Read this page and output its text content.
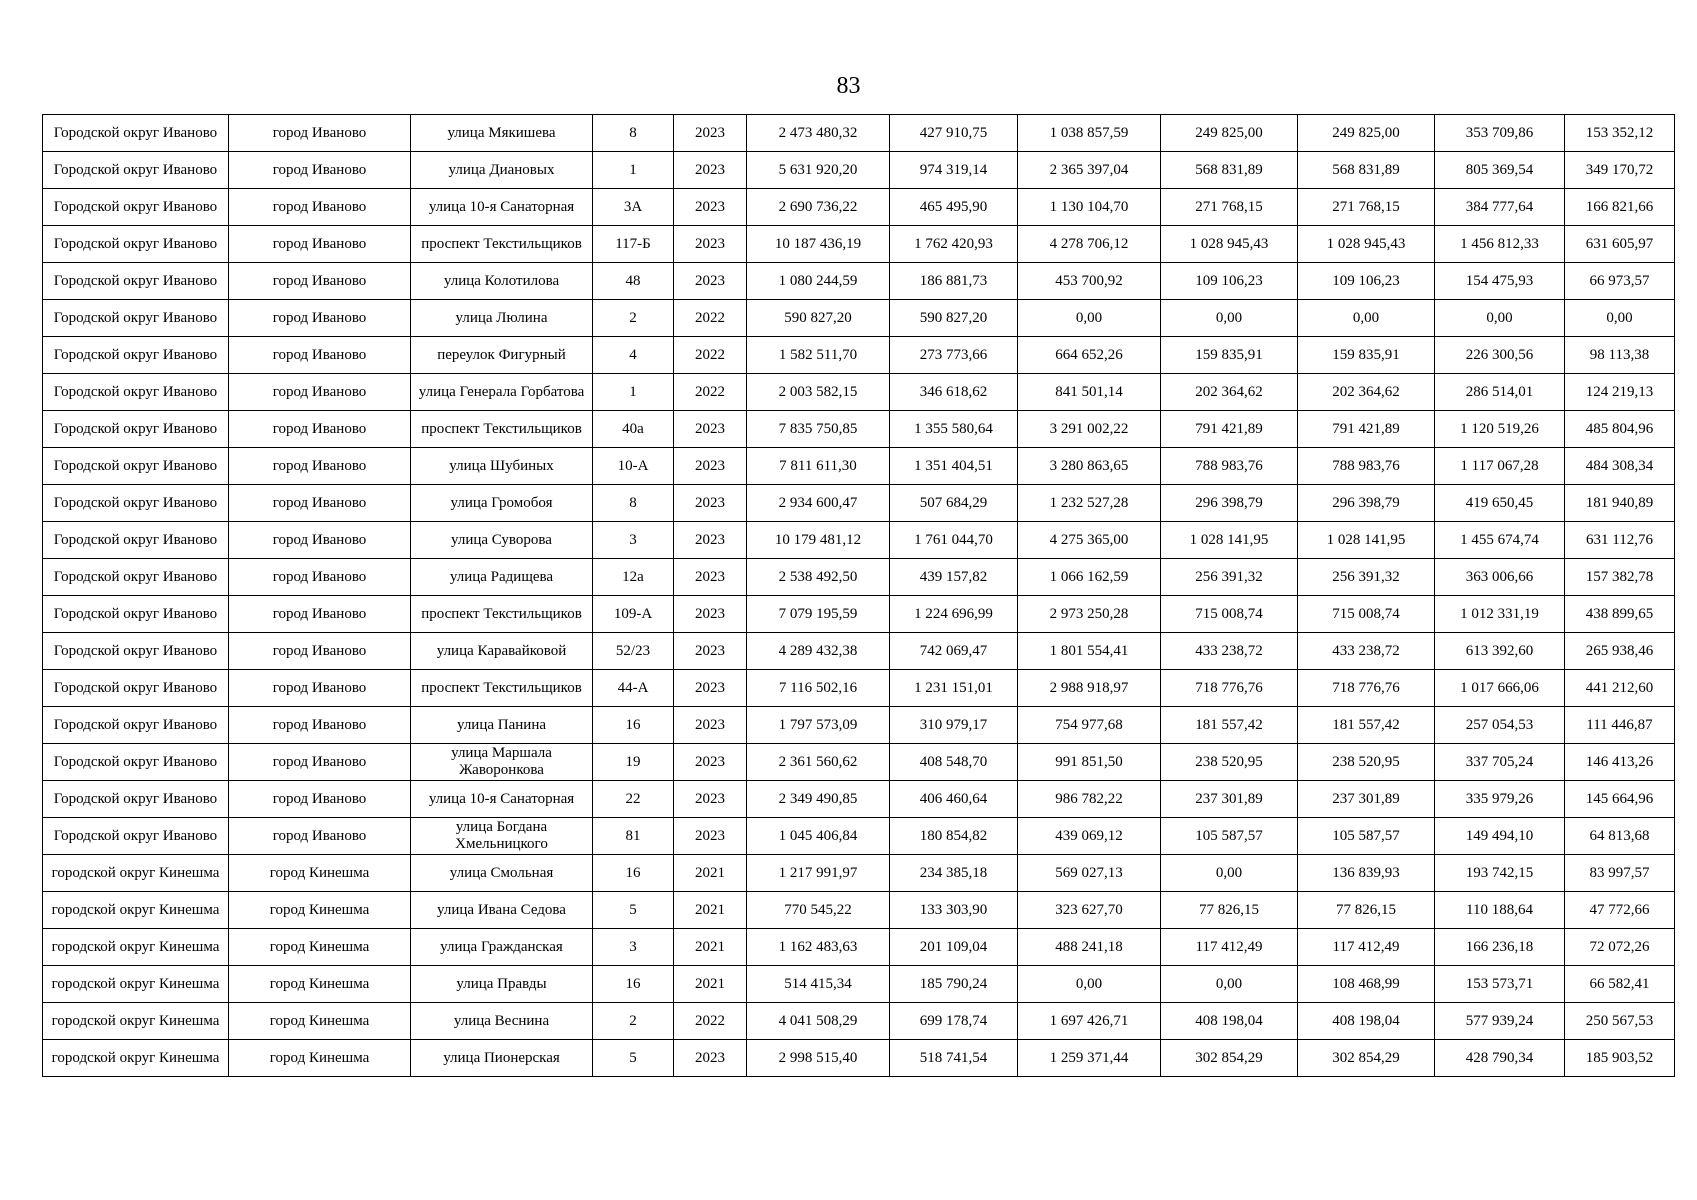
83
Городской округ Иваново	город Иваново	улица Мякишева	8	2023	2 473 480,32	427 910,75	1 038 857,59	249 825,00	249 825,00	353 709,86	153 352,12
Городской округ Иваново	город Иваново	улица Диановых	1	2023	5 631 920,20	974 319,14	2 365 397,04	568 831,89	568 831,89	805 369,54	349 170,72
Городской округ Иваново	город Иваново	улица 10-я Санаторная	3А	2023	2 690 736,22	465 495,90	1 130 104,70	271 768,15	271 768,15	384 777,64	166 821,66
Городской округ Иваново	город Иваново	проспект Текстильщиков	117-Б	2023	10 187 436,19	1 762 420,93	4 278 706,12	1 028 945,43	1 028 945,43	1 456 812,33	631 605,97
Городской округ Иваново	город Иваново	улица Колотилова	48	2023	1 080 244,59	186 881,73	453 700,92	109 106,23	109 106,23	154 475,93	66 973,57
Городской округ Иваново	город Иваново	улица Люлина	2	2022	590 827,20	590 827,20	0,00	0,00	0,00	0,00	0,00
Городской округ Иваново	город Иваново	переулок Фигурный	4	2022	1 582 511,70	273 773,66	664 652,26	159 835,91	159 835,91	226 300,56	98 113,38
Городской округ Иваново	город Иваново	улица Генерала Горбатова	1	2022	2 003 582,15	346 618,62	841 501,14	202 364,62	202 364,62	286 514,01	124 219,13
Городской округ Иваново	город Иваново	проспект Текстильщиков	40а	2023	7 835 750,85	1 355 580,64	3 291 002,22	791 421,89	791 421,89	1 120 519,26	485 804,96
Городской округ Иваново	город Иваново	улица Шубиных	10-А	2023	7 811 611,30	1 351 404,51	3 280 863,65	788 983,76	788 983,76	1 117 067,28	484 308,34
Городской округ Иваново	город Иваново	улица Громобоя	8	2023	2 934 600,47	507 684,29	1 232 527,28	296 398,79	296 398,79	419 650,45	181 940,89
Городской округ Иваново	город Иваново	улица Суворова	3	2023	10 179 481,12	1 761 044,70	4 275 365,00	1 028 141,95	1 028 141,95	1 455 674,74	631 112,76
Городской округ Иваново	город Иваново	улица Радищева	12а	2023	2 538 492,50	439 157,82	1 066 162,59	256 391,32	256 391,32	363 006,66	157 382,78
Городской округ Иваново	город Иваново	проспект Текстильщиков	109-А	2023	7 079 195,59	1 224 696,99	2 973 250,28	715 008,74	715 008,74	1 012 331,19	438 899,65
Городской округ Иваново	город Иваново	улица Каравайковой	52/23	2023	4 289 432,38	742 069,47	1 801 554,41	433 238,72	433 238,72	613 392,60	265 938,46
Городской округ Иваново	город Иваново	проспект Текстильщиков	44-А	2023	7 116 502,16	1 231 151,01	2 988 918,97	718 776,76	718 776,76	1 017 666,06	441 212,60
Городской округ Иваново	город Иваново	улица Панина	16	2023	1 797 573,09	310 979,17	754 977,68	181 557,42	181 557,42	257 054,53	111 446,87
Городской округ Иваново	город Иваново	улица Маршала Жаворонкова	19	2023	2 361 560,62	408 548,70	991 851,50	238 520,95	238 520,95	337 705,24	146 413,26
Городской округ Иваново	город Иваново	улица 10-я Санаторная	22	2023	2 349 490,85	406 460,64	986 782,22	237 301,89	237 301,89	335 979,26	145 664,96
Городской округ Иваново	город Иваново	улица Богдана Хмельницкого	81	2023	1 045 406,84	180 854,82	439 069,12	105 587,57	105 587,57	149 494,10	64 813,68
городской округ Кинешма	город Кинешма	улица Смольная	16	2021	1 217 991,97	234 385,18	569 027,13	0,00	136 839,93	193 742,15	83 997,57
городской округ Кинешма	город Кинешма	улица Ивана Седова	5	2021	770 545,22	133 303,90	323 627,70	77 826,15	77 826,15	110 188,64	47 772,66
городской округ Кинешма	город Кинешма	улица Гражданская	3	2021	1 162 483,63	201 109,04	488 241,18	117 412,49	117 412,49	166 236,18	72 072,26
городской округ Кинешма	город Кинешма	улица Правды	16	2021	514 415,34	185 790,24	0,00	0,00	108 468,99	153 573,71	66 582,41
городской округ Кинешма	город Кинешма	улица Веснина	2	2022	4 041 508,29	699 178,74	1 697 426,71	408 198,04	408 198,04	577 939,24	250 567,53
городской округ Кинешма	город Кинешма	улица Пионерская	5	2023	2 998 515,40	518 741,54	1 259 371,44	302 854,29	302 854,29	428 790,34	185 903,52
